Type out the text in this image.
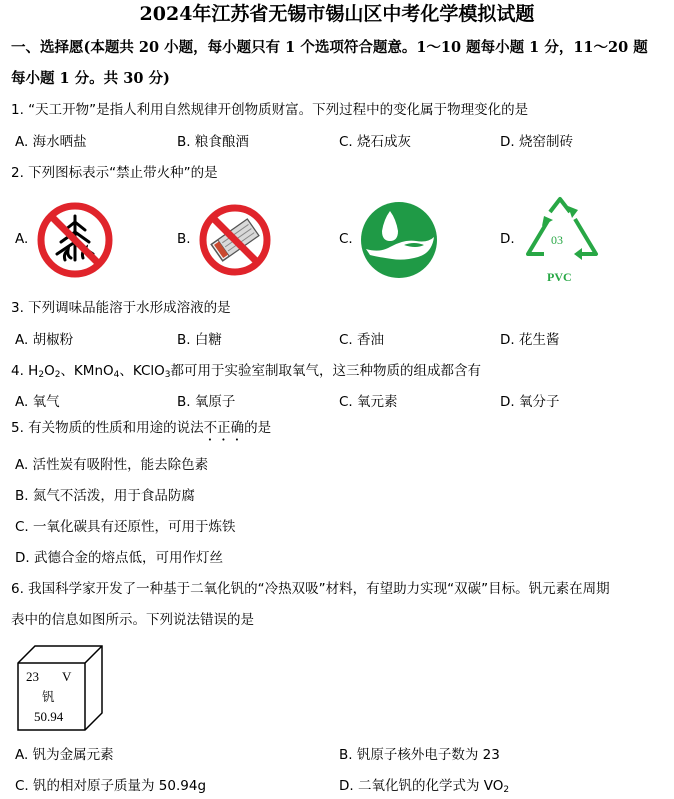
2024年江苏省无锡市锡山区中考化学模拟试题
一、选择愿(本题共 20 小题，每小题只有 1 个选项符合题意。1～10 题每小题 1 分，11～20 题
每小题 1 分。共 30 分)
1. “天工开物”是指人利用自然规律开创物质财富。下列过程中的变化属于物理变化的是
A. 海水晒盐	B. 粮食酿酒	C. 烧石成灰	D. 烧窑制砖
2. 下列图标表示“禁止带火种”的是
A.	B.	C.	D.	03
PVC
3. 下列调味品能溶于水形成溶液的是
A. 胡椒粉	B. 白糖	C. 香油	D. 花生酱
4. $H_2O_2$、KMnO$_4$、KClO$_3$都可用于实验室制取氧气，这三种物质的组成都含有
A. 氧气	B. 氧原子	C. 氧元素	D. 氧分子
5. 有关物质的性质和用途的说法不正确的是
A. 活性炭有吸附性，能去除色素
B. 氮气不活泼，用于食品防腐
C. 一氧化碳具有还原性，可用于炼铁
D. 武德合金的熔点低，可用作灯丝
6. 我国科学家开发了一种基于二氧化钒的“冷热双吸”材料，有望助力实现“双碳”目标。钒元素在周期
表中的信息如图所示。下列说法错误的是
23 V
钒
50.94
A. 钒为金属元素	B. 钒原子核外电子数为 23
C. 钒的相对原子质量为 50.94g	D. 二氧化钒的化学式为 $VO_2$
